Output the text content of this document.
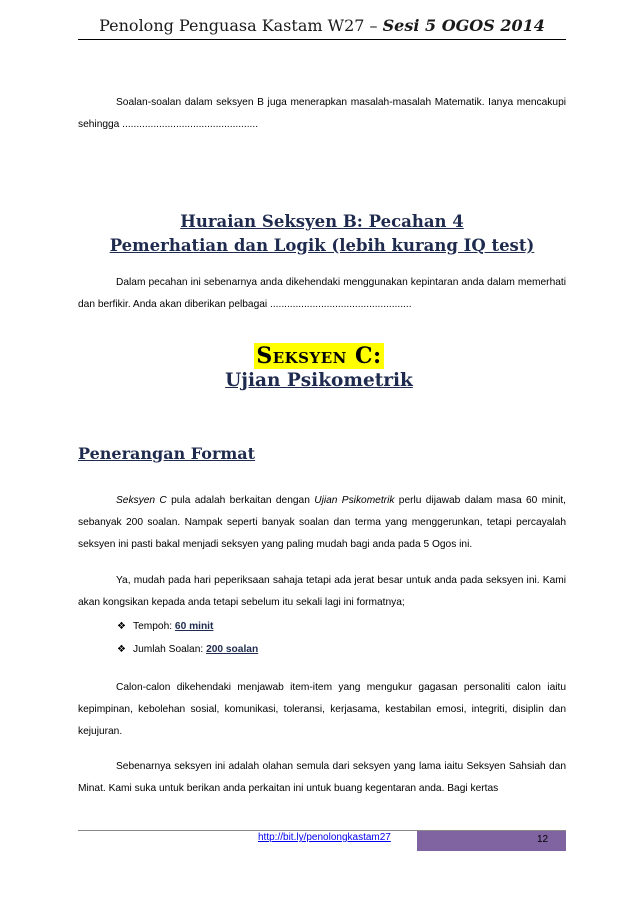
Penolong Penguasa Kastam W27 – Sesi 5 OGOS 2014

Soalan-soalan dalam seksyen B juga menerapkan masalah-masalah Matematik. Ianya mencakupi sehingga ................................................

Huraian Seksyen B: Pecahan 4
Pemerhatian dan Logik (lebih kurang IQ test)

Dalam pecahan ini sebenarnya anda dikehendaki menggunakan kepintaran anda dalam memerhati dan berfikir. Anda akan diberikan pelbagai ..................................................

Seksyen C:
Ujian Psikometrik
Penerangan Format

Seksyen C pula adalah berkaitan dengan Ujian Psikometrik perlu dijawab dalam masa 60 minit, sebanyak 200 soalan. Nampak seperti banyak soalan dan terma yang menggerunkan, tetapi percayalah seksyen ini pasti bakal menjadi seksyen yang paling mudah bagi anda pada 5 Ogos ini.

Ya, mudah pada hari peperiksaan sahaja tetapi ada jerat besar untuk anda pada seksyen ini. Kami akan kongsikan kepada anda tetapi sebelum itu sekali lagi ini formatnya;

❖ Tempoh: 60 minit
❖ Jumlah Soalan: 200 soalan

Calon-calon dikehendaki menjawab item-item yang mengukur gagasan personaliti calon iaitu kepimpinan, kebolehan sosial, komunikasi, toleransi, kerjasama, kestabilan emosi, integriti, disiplin dan kejujuran.

Sebenarnya seksyen ini adalah olahan semula dari seksyen yang lama iaitu Seksyen Sahsiah dan Minat. Kami suka untuk berikan anda perkaitan ini untuk buang kegentaran anda. Bagi kertas

http://bit.ly/penolongkastam27	12
